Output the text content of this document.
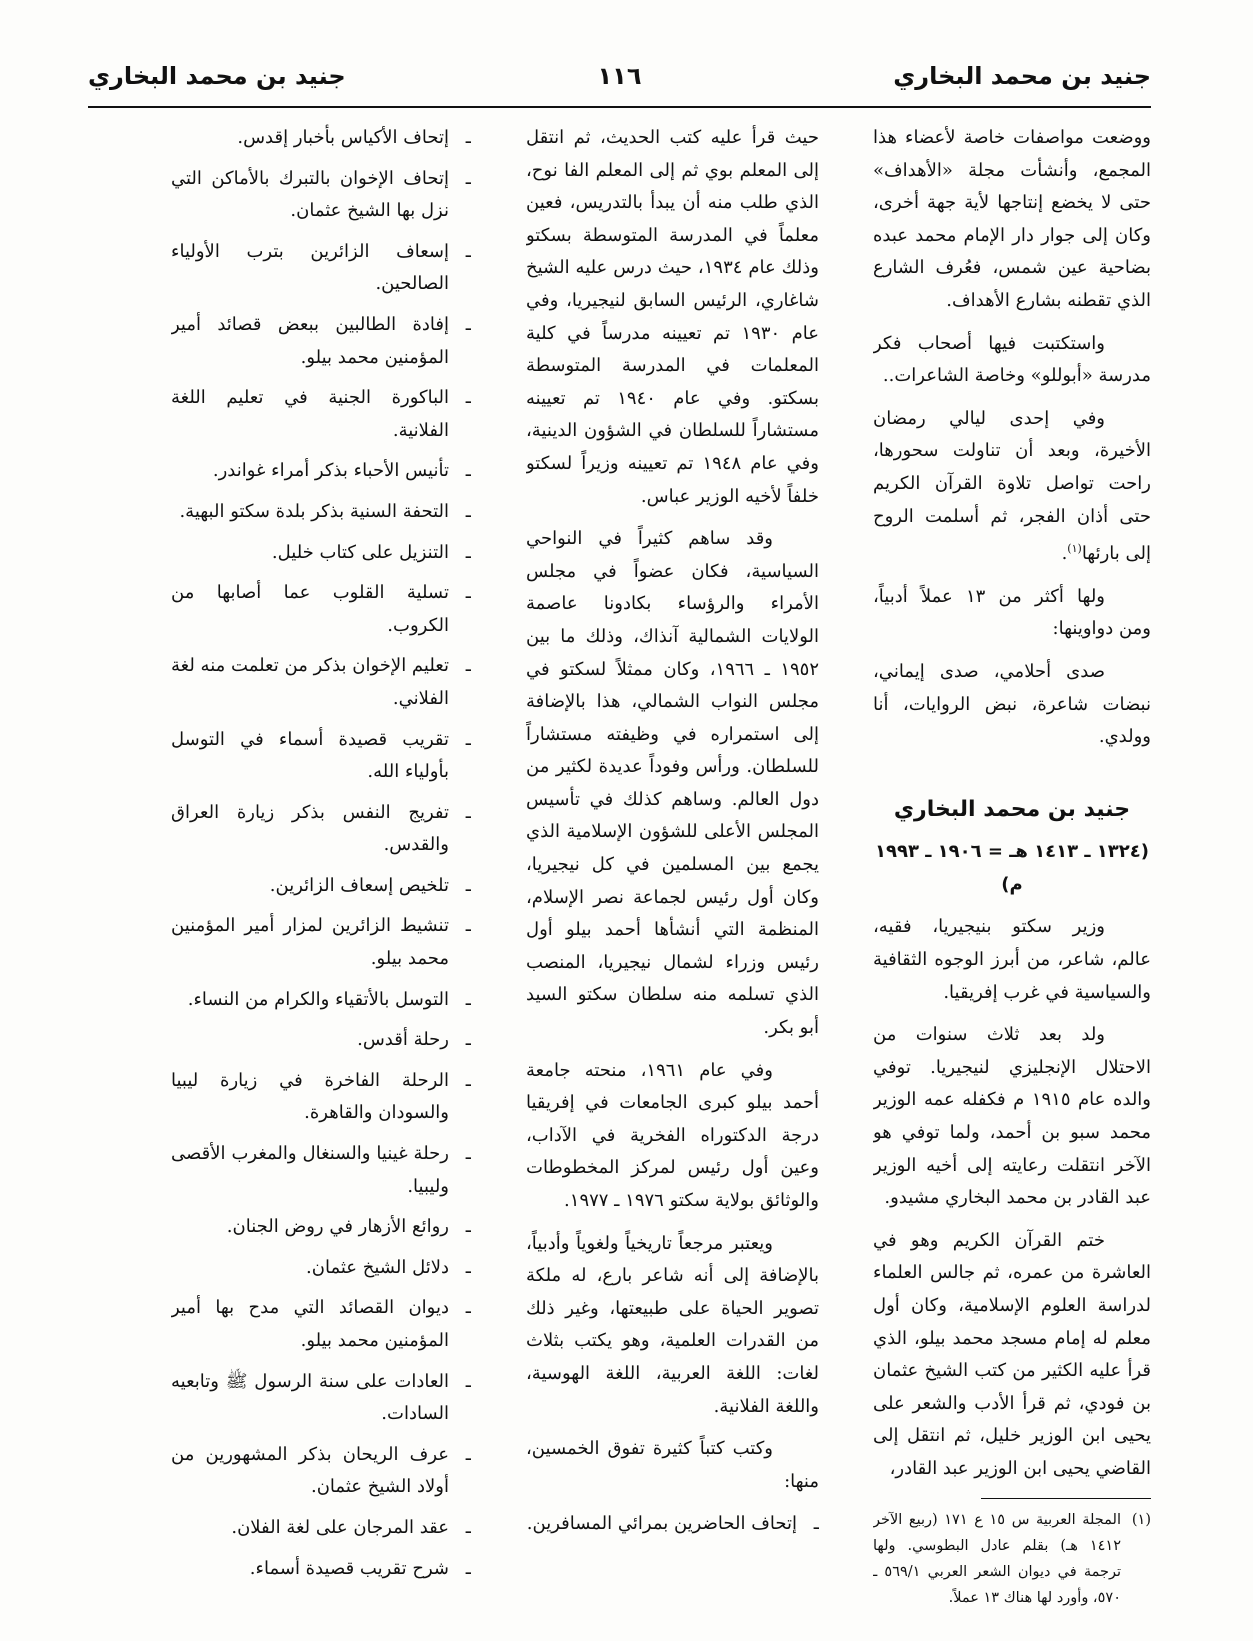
جنيد بن محمد البخاري
١١٦
جنيد بن محمد البخاري

ووضعت مواصفات خاصة لأعضاء هذا المجمع، وأنشأت مجلة «الأهداف» حتى لا يخضع إنتاجها لأية جهة أخرى، وكان إلى جوار دار الإمام محمد عبده بضاحية عين شمس، فعُرف الشارع الذي تقطنه بشارع الأهداف.

واستكتبت فيها أصحاب فكر مدرسة «أبوللو» وخاصة الشاعرات..

وفي إحدى ليالي رمضان الأخيرة، وبعد أن تناولت سحورها، راحت تواصل تلاوة القرآن الكريم حتى أذان الفجر، ثم أسلمت الروح إلى بارئها$^{(١)}$.

ولها أكثر من ١٣ عملاً أدبياً، ومن دواوينها:

صدى أحلامي، صدى إيماني، نبضات شاعرة، نبض الروايات، أنا وولدي.

جنيد بن محمد البخاري
(١٣٢٤ ـ ١٤١٣ هـ = ١٩٠٦ ـ ١٩٩٣ م)

وزير سكتو بنيجيريا، فقيه، عالم، شاعر، من أبرز الوجوه الثقافية والسياسية في غرب إفريقيا.

ولد بعد ثلاث سنوات من الاحتلال الإنجليزي لنيجيريا. توفي والده عام ١٩١٥ م فكفله عمه الوزير محمد سبو بن أحمد، ولما توفي هو الآخر انتقلت رعايته إلى أخيه الوزير عبد القادر بن محمد البخاري مشيدو.

ختم القرآن الكريم وهو في العاشرة من عمره، ثم جالس العلماء لدراسة العلوم الإسلامية، وكان أول معلم له إمام مسجد محمد بيلو، الذي قرأ عليه الكثير من كتب الشيخ عثمان بن فودي، ثم قرأ الأدب والشعر على يحيى ابن الوزير خليل، ثم انتقل إلى القاضي يحيى ابن الوزير عبد القادر،

(١)
المجلة العربية س ١٥ ع ١٧١ (ربيع الآخر ١٤١٢ هـ) بقلم عادل البطوسي. ولها ترجمة في ديوان الشعر العربي ٥٦٩/١ ـ ٥٧٠، وأورد لها هناك ١٣ عملاً.

حيث قرأ عليه كتب الحديث، ثم انتقل إلى المعلم بوي ثم إلى المعلم الفا نوح، الذي طلب منه أن يبدأ بالتدريس، فعين معلماً في المدرسة المتوسطة بسكتو وذلك عام ١٩٣٤، حيث درس عليه الشيخ شاغاري، الرئيس السابق لنيجيريا، وفي عام ١٩٣٠ تم تعيينه مدرساً في كلية المعلمات في المدرسة المتوسطة بسكتو. وفي عام ١٩٤٠ تم تعيينه مستشاراً للسلطان في الشؤون الدينية، وفي عام ١٩٤٨ تم تعيينه وزيراً لسكتو خلفاً لأخيه الوزير عباس.

وقد ساهم كثيراً في النواحي السياسية، فكان عضواً في مجلس الأمراء والرؤساء بكادونا عاصمة الولايات الشمالية آنذاك، وذلك ما بين ١٩٥٢ ـ ١٩٦٦، وكان ممثلاً لسكتو في مجلس النواب الشمالي، هذا بالإضافة إلى استمراره في وظيفته مستشاراً للسلطان. ورأس وفوداً عديدة لكثير من دول العالم. وساهم كذلك في تأسيس المجلس الأعلى للشؤون الإسلامية الذي يجمع بين المسلمين في كل نيجيريا، وكان أول رئيس لجماعة نصر الإسلام، المنظمة التي أنشأها أحمد بيلو أول رئيس وزراء لشمال نيجيريا، المنصب الذي تسلمه منه سلطان سكتو السيد أبو بكر.

وفي عام ١٩٦١، منحته جامعة أحمد بيلو كبرى الجامعات في إفريقيا درجة الدكتوراه الفخرية في الآداب، وعين أول رئيس لمركز المخطوطات والوثائق بولاية سكتو ١٩٧٦ ـ ١٩٧٧.

ويعتبر مرجعاً تاريخياً ولغوياً وأدبياً، بالإضافة إلى أنه شاعر بارع، له ملكة تصوير الحياة على طبيعتها، وغير ذلك من القدرات العلمية، وهو يكتب بثلاث لغات: اللغة العربية، اللغة الهوسية، واللغة الفلانية.

وكتب كتباً كثيرة تفوق الخمسين، منها:

ـ
إتحاف الحاضرين بمرائي المسافرين.
ـ
إتحاف الأكياس بأخبار إقدس.
ـ
إتحاف الإخوان بالتبرك بالأماكن التي نزل بها الشيخ عثمان.
ـ
إسعاف الزائرين بترب الأولياء الصالحين.
ـ
إفادة الطالبين ببعض قصائد أمير المؤمنين محمد بيلو.
ـ
الباكورة الجنية في تعليم اللغة الفلانية.
ـ
تأنيس الأحباء بذكر أمراء غواندر.
ـ
التحفة السنية بذكر بلدة سكتو البهية.
ـ
التنزيل على كتاب خليل.
ـ
تسلية القلوب عما أصابها من الكروب.
ـ
تعليم الإخوان بذكر من تعلمت منه لغة الفلاني.
ـ
تقريب قصيدة أسماء في التوسل بأولياء الله.
ـ
تفريج النفس بذكر زيارة العراق والقدس.
ـ
تلخيص إسعاف الزائرين.
ـ
تنشيط الزائرين لمزار أمير المؤمنين محمد بيلو.
ـ
التوسل بالأتقياء والكرام من النساء.
ـ
رحلة أقدس.
ـ
الرحلة الفاخرة في زيارة ليبيا والسودان والقاهرة.
ـ
رحلة غينيا والسنغال والمغرب الأقصى وليبيا.
ـ
روائع الأزهار في روض الجنان.
ـ
دلائل الشيخ عثمان.
ـ
ديوان القصائد التي مدح بها أمير المؤمنين محمد بيلو.
ـ
العادات على سنة الرسول ﷺ وتابعيه السادات.
ـ
عرف الريحان بذكر المشهورين من أولاد الشيخ عثمان.
ـ
عقد المرجان على لغة الفلان.
ـ
شرح تقريب قصيدة أسماء.
